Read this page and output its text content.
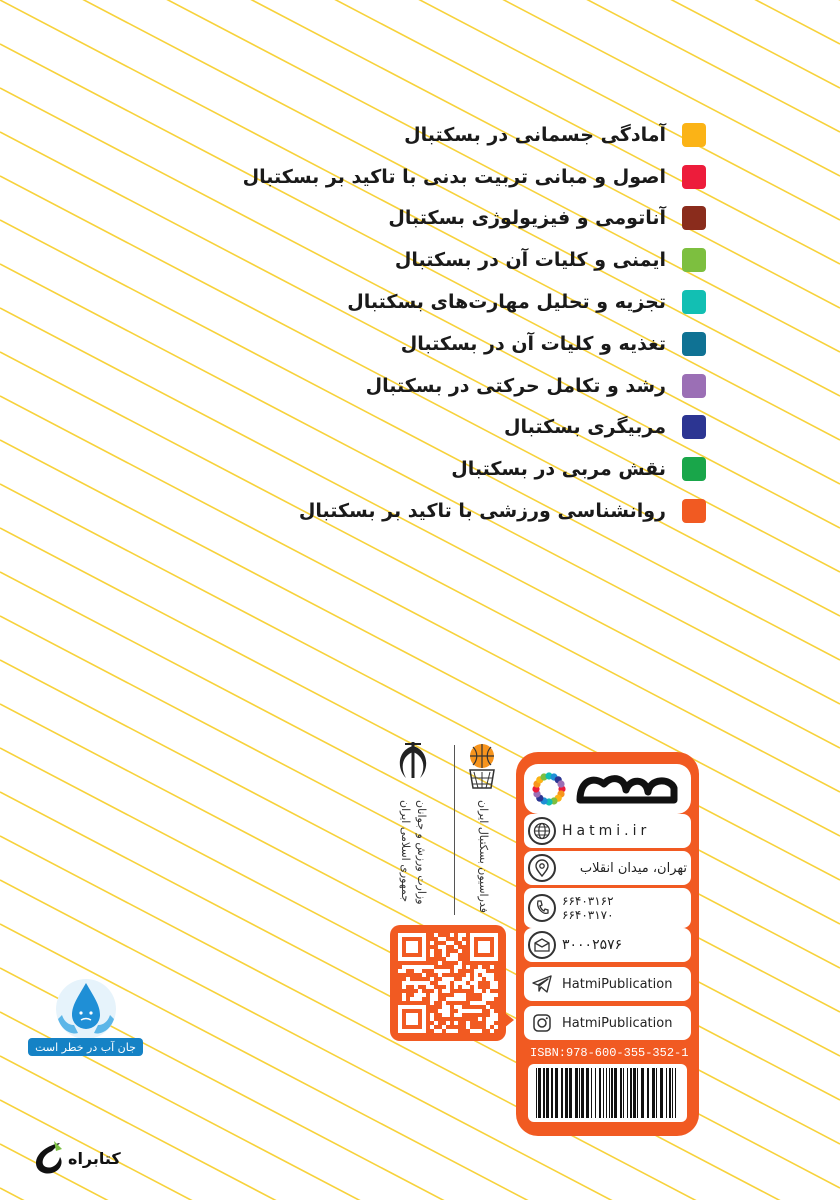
آمادگی جسمانی در بسکتبال
اصول و مبانی تربیت بدنی با تاکید بر بسکتبال
آناتومی و فیزیولوژی بسکتبال
ایمنی و کلیات آن در بسکتبال
تجزیه و تحلیل مهارت‌های بسکتبال
تغذیه و کلیات آن در بسکتبال
رشد و تکامل حرکتی در بسکتبال
مربیگری بسکتبال
نقش مربی در بسکتبال
روانشناسی ورزشی با تاکید بر بسکتبال
جمهوری اسلامی ایران وزارت ورزش و جوانان	فدراسیون بسکتبال ایران	Hatmi.ir
تهران، میدان انقلاب
۶۶۴۰۳۱۶۲
۶۶۴۰۳۱۷۰
۳۰۰۰۲۵۷۶
HatmiPublication
HatmiPublication
ISBN:978-600-355-352-1
جان آب در خطر است
کتابراه
